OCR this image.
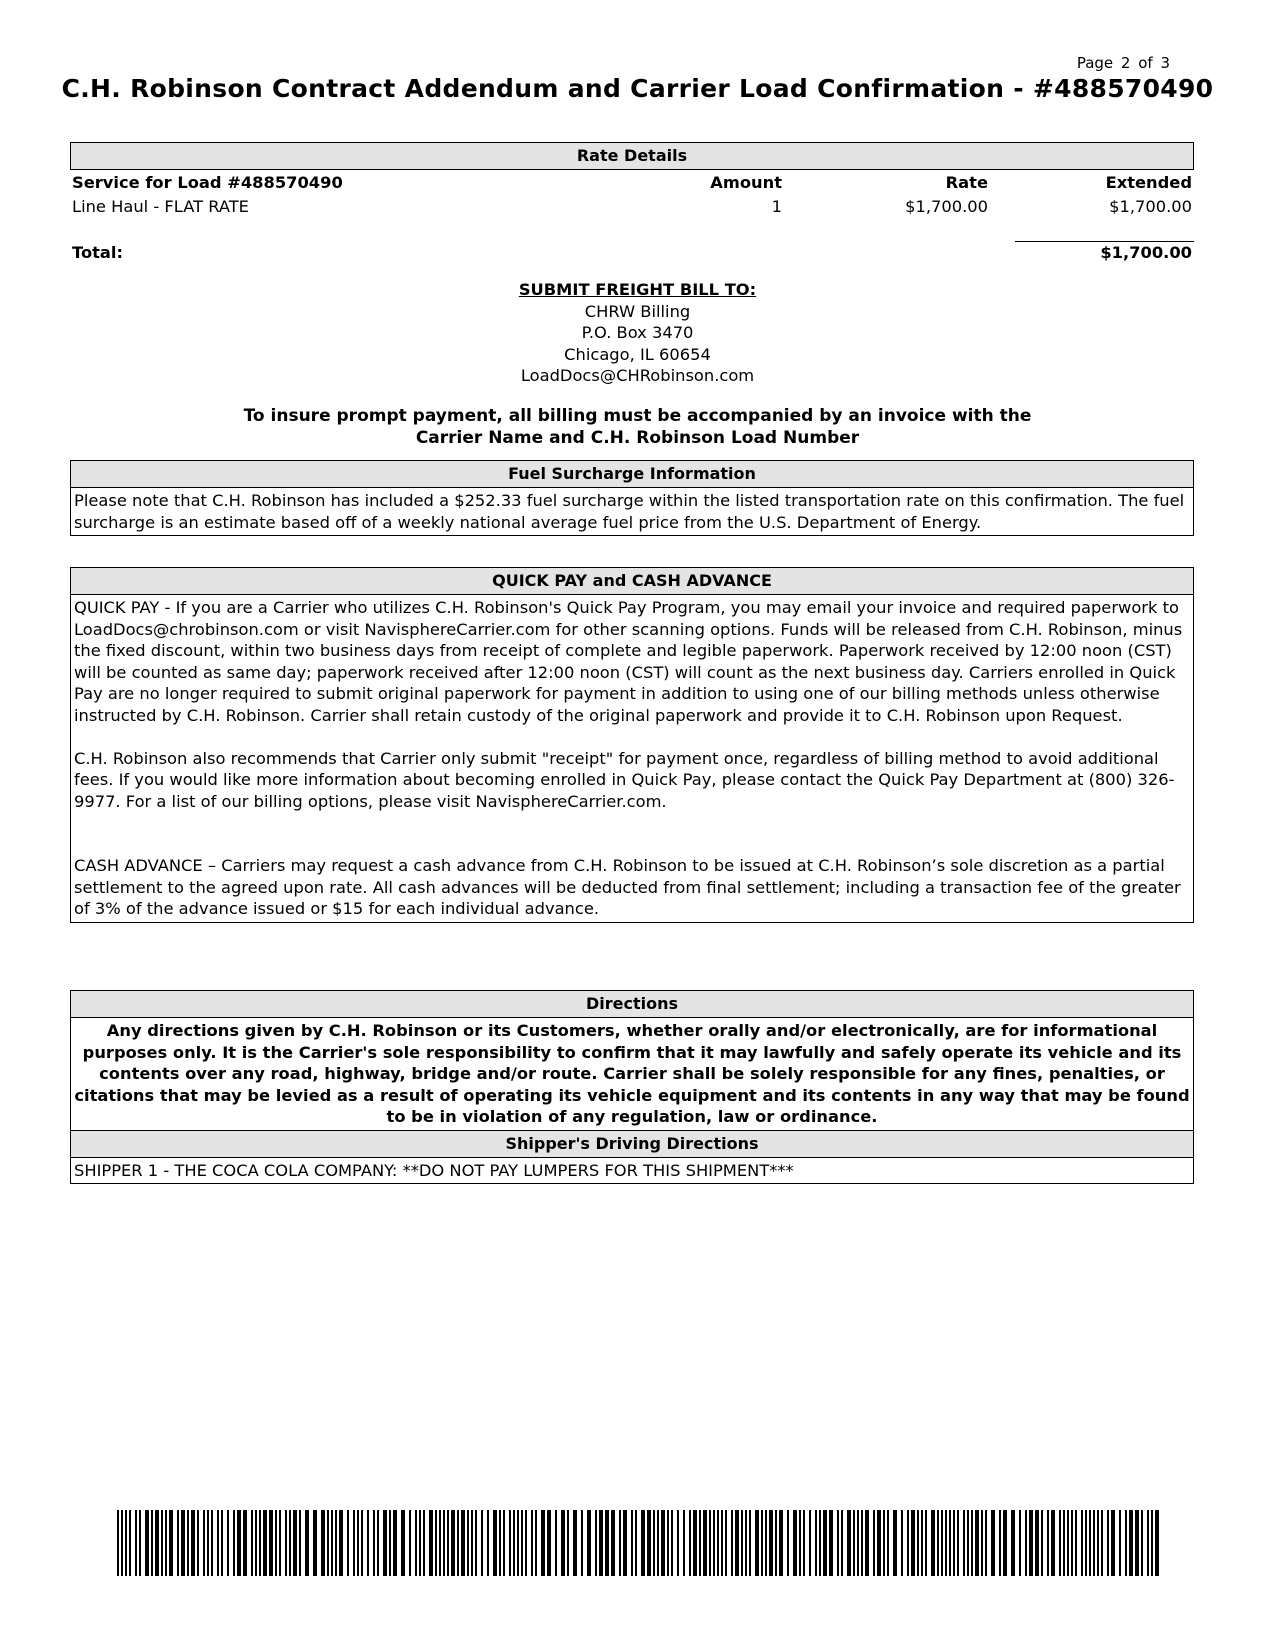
Page 2 of 3
C.H. Robinson Contract Addendum and Carrier Load Confirmation - #488570490
Rate Details
Service for Load #488570490	Amount	Rate	Extended
Line Haul - FLAT RATE	1	$1,700.00	$1,700.00
Total:	$1,700.00
SUBMIT FREIGHT BILL TO:
CHRW Billing
P.O. Box 3470
Chicago, IL 60654
LoadDocs@CHRobinson.com
To insure prompt payment, all billing must be accompanied by an invoice with the
Carrier Name and C.H. Robinson Load Number
Fuel Surcharge Information
Please note that C.H. Robinson has included a $252.33 fuel surcharge within the listed transportation rate on this confirmation. The fuel surcharge is an estimate based off of a weekly national average fuel price from the U.S. Department of Energy.
QUICK PAY and CASH ADVANCE
QUICK PAY - If you are a Carrier who utilizes C.H. Robinson's Quick Pay Program, you may email your invoice and required paperwork to LoadDocs@chrobinson.com or visit NavisphereCarrier.com for other scanning options. Funds will be released from C.H. Robinson, minus the fixed discount, within two business days from receipt of complete and legible paperwork. Paperwork received by 12:00 noon (CST) will be counted as same day; paperwork received after 12:00 noon (CST) will count as the next business day. Carriers enrolled in Quick Pay are no longer required to submit original paperwork for payment in addition to using one of our billing methods unless otherwise instructed by C.H. Robinson. Carrier shall retain custody of the original paperwork and provide it to C.H. Robinson upon Request.
C.H. Robinson also recommends that Carrier only submit "receipt" for payment once, regardless of billing method to avoid additional fees. If you would like more information about becoming enrolled in Quick Pay, please contact the Quick Pay Department at (800) 326-9977. For a list of our billing options, please visit NavisphereCarrier.com.
CASH ADVANCE – Carriers may request a cash advance from C.H. Robinson to be issued at C.H. Robinson’s sole discretion as a partial settlement to the agreed upon rate. All cash advances will be deducted from final settlement; including a transaction fee of the greater of 3% of the advance issued or $15 for each individual advance.
Directions
Any directions given by C.H. Robinson or its Customers, whether orally and/or electronically, are for informational purposes only. It is the Carrier's sole responsibility to confirm that it may lawfully and safely operate its vehicle and its contents over any road, highway, bridge and/or route. Carrier shall be solely responsible for any fines, penalties, or citations that may be levied as a result of operating its vehicle equipment and its contents in any way that may be found to be in violation of any regulation, law or ordinance.
Shipper's Driving Directions
SHIPPER 1 - THE COCA COLA COMPANY: **DO NOT PAY LUMPERS FOR THIS SHIPMENT***
